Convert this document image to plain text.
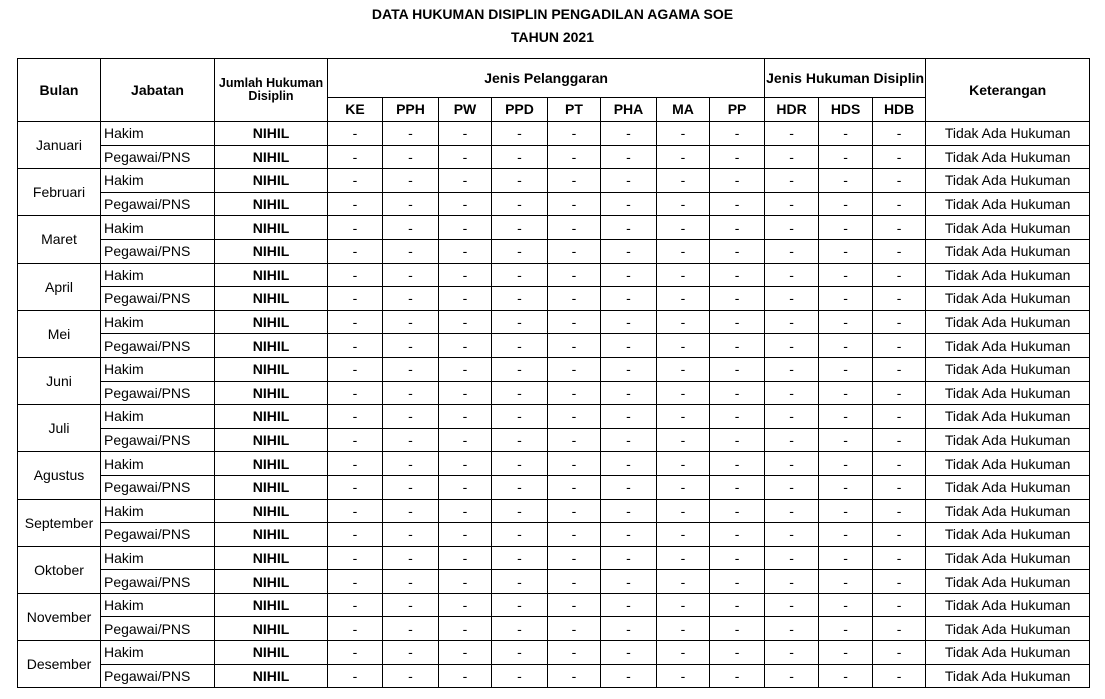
DATA HUKUMAN DISIPLIN PENGADILAN AGAMA SOE
TAHUN 2021
Bulan	Jabatan	Jumlah Hukuman Disiplin	Jenis Pelanggaran								Jenis Hukuman Disiplin			Keterangan
			KE	PPH	PW	PPD	PT	PHA	MA	PP	HDR	HDS	HDB	
Januari	Hakim	NIHIL	-	-	-	-	-	-	-	-	-	-	-	Tidak Ada Hukuman
	Pegawai/PNS	NIHIL	-	-	-	-	-	-	-	-	-	-	-	Tidak Ada Hukuman
Februari	Hakim	NIHIL	-	-	-	-	-	-	-	-	-	-	-	Tidak Ada Hukuman
	Pegawai/PNS	NIHIL	-	-	-	-	-	-	-	-	-	-	-	Tidak Ada Hukuman
Maret	Hakim	NIHIL	-	-	-	-	-	-	-	-	-	-	-	Tidak Ada Hukuman
	Pegawai/PNS	NIHIL	-	-	-	-	-	-	-	-	-	-	-	Tidak Ada Hukuman
April	Hakim	NIHIL	-	-	-	-	-	-	-	-	-	-	-	Tidak Ada Hukuman
	Pegawai/PNS	NIHIL	-	-	-	-	-	-	-	-	-	-	-	Tidak Ada Hukuman
Mei	Hakim	NIHIL	-	-	-	-	-	-	-	-	-	-	-	Tidak Ada Hukuman
	Pegawai/PNS	NIHIL	-	-	-	-	-	-	-	-	-	-	-	Tidak Ada Hukuman
Juni	Hakim	NIHIL	-	-	-	-	-	-	-	-	-	-	-	Tidak Ada Hukuman
	Pegawai/PNS	NIHIL	-	-	-	-	-	-	-	-	-	-	-	Tidak Ada Hukuman
Juli	Hakim	NIHIL	-	-	-	-	-	-	-	-	-	-	-	Tidak Ada Hukuman
	Pegawai/PNS	NIHIL	-	-	-	-	-	-	-	-	-	-	-	Tidak Ada Hukuman
Agustus	Hakim	NIHIL	-	-	-	-	-	-	-	-	-	-	-	Tidak Ada Hukuman
	Pegawai/PNS	NIHIL	-	-	-	-	-	-	-	-	-	-	-	Tidak Ada Hukuman
September	Hakim	NIHIL	-	-	-	-	-	-	-	-	-	-	-	Tidak Ada Hukuman
	Pegawai/PNS	NIHIL	-	-	-	-	-	-	-	-	-	-	-	Tidak Ada Hukuman
Oktober	Hakim	NIHIL	-	-	-	-	-	-	-	-	-	-	-	Tidak Ada Hukuman
	Pegawai/PNS	NIHIL	-	-	-	-	-	-	-	-	-	-	-	Tidak Ada Hukuman
November	Hakim	NIHIL	-	-	-	-	-	-	-	-	-	-	-	Tidak Ada Hukuman
	Pegawai/PNS	NIHIL	-	-	-	-	-	-	-	-	-	-	-	Tidak Ada Hukuman
Desember	Hakim	NIHIL	-	-	-	-	-	-	-	-	-	-	-	Tidak Ada Hukuman
	Pegawai/PNS	NIHIL	-	-	-	-	-	-	-	-	-	-	-	Tidak Ada Hukuman
